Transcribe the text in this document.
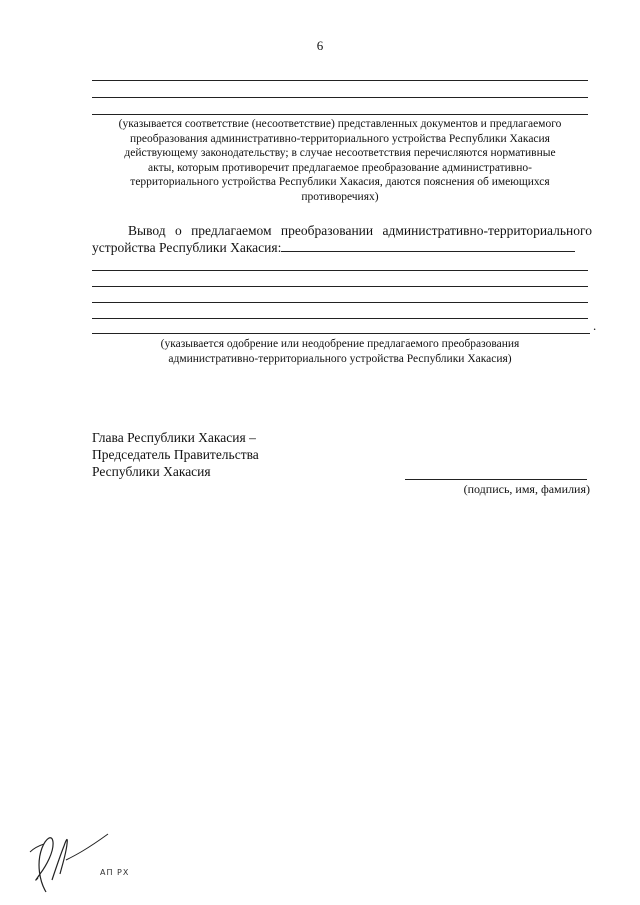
6
(указывается соответствие (несоответствие) представленных документов и предлагаемого
преобразования административно-территориального устройства Республики Хакасия
действующему законодательству; в случае несоответствия перечисляются нормативные
акты, которым противоречит предлагаемое преобразование административно-
территориального устройства Республики Хакасия, даются пояснения об имеющихся
противоречиях)
Вывод о предлагаемом преобразовании административно-территориального
устройства Республики Хакасия:
.
(указывается одобрение или неодобрение предлагаемого преобразования
административно-территориального устройства Республики Хакасия)
Глава Республики Хакасия –
Председатель Правительства
Республики Хакасия
(подпись, имя, фамилия)
АП РХ
